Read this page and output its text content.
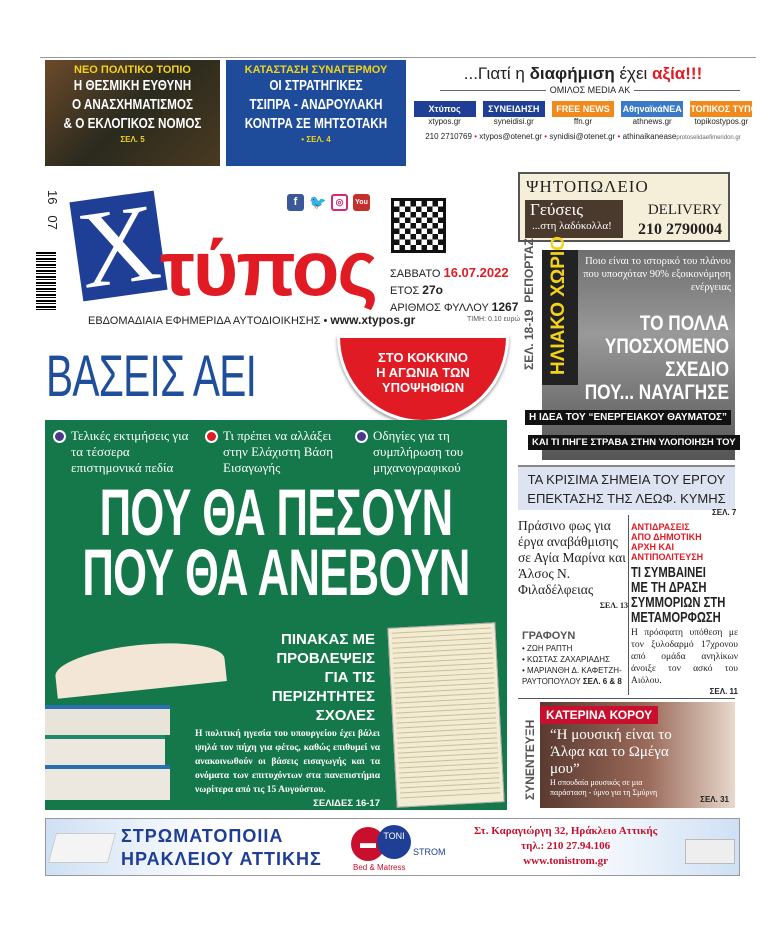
ΝΕΟ ΠΟΛΙΤΙΚΟ ΤΟΠΙΟ
Η ΘΕΣΜΙΚΗ ΕΥΘΥΝΗ
Ο ΑΝΑΣΧΗΜΑΤΙΣΜΟΣ
& Ο ΕΚΛΟΓΙΚΟΣ ΝΟΜΟΣ
ΣΕΛ. 5
ΚΑΤΑΣΤΑΣΗ ΣΥΝΑΓΕΡΜΟΥ
ΟΙ ΣΤΡΑΤΗΓΙΚΕΣ
ΤΣΙΠΡΑ - ΑΝΔΡΟΥΛΑΚΗ
ΚΟΝΤΡΑ ΣΕ ΜΗΤΣΟΤΑΚΗ
• ΣΕΛ. 4
...Γιατί η διαφήμιση έχει αξία!!!
ΟΜΙΛΟΣ MEDIA ΑΚ
Χτύπος
xtypos.gr
ΣΥΝΕΙΔΗΣΗ
syneidisi.gr
FREE NEWS
ffn.gr
ΑθηναϊκάΝΕΑ
athnews.gr
ΤΟΠΙΚΟΣ ΤΥΠΟΣ
topikostypos.gr
210 2710769 • xtypos@otenet.gr • synidisi@otenet.gr • athinaikaneaseprotoselidaefimeridon.gr
16   07 Χ
τύπος
f 🐦	◎	You
ΕΒΔΟΜΑΔΙΑΙΑ ΕΦΗΜΕΡΙΔΑ ΑΥΤΟΔΙΟΙΚΗΣΗΣ • www.xtypos.gr
ΣΑΒΒΑΤΟ 16.07.2022
ΕΤΟΣ 27ο
ΑΡΙΘΜΟΣ ΦΥΛΛΟΥ 1267
ΤΙΜΗ: 0.10 ευρώ
ΨΗΤΟΠΩΛΕΙΟ
Γεύσεις
...στη λαδόκολλα!
DELIVERY
210 2790004
ΣΕΛ. 18-19  ΡΕΠΟΡΤΑΖ ΗΛΙΑΚΟ ΧΩΡΙΟ Ποιο είναι το ιστορικό του πλάνου που υποσχόταν 90% εξοικονόμηση ενέργειας
ΤΟ ΠΟΛΛΑ
ΥΠΟΣΧΟΜΕΝΟ
ΣΧΕΔΙΟ
ΠΟΥ... ΝΑΥΑΓΗΣΕ
Η ΙΔΕΑ ΤΟΥ “ΕΝΕΡΓΕΙΑΚΟΥ ΘΑΥΜΑΤΟΣ”
ΚΑΙ ΤΙ ΠΗΓΕ ΣΤΡΑΒΑ ΣΤΗΝ ΥΛΟΠΟΙΗΣΗ ΤΟΥ
ΤΑ ΚΡΙΣΙΜΑ ΣΗΜΕΙΑ ΤΟΥ ΕΡΓΟΥ
ΕΠΕΚΤΑΣΗΣ ΤΗΣ ΛΕΩΦ. ΚΥΜΗΣ
ΒΑΣΕΙΣ ΑΕΙ	ΣΤΟ ΚΟΚΚΙΝΟ
Η ΑΓΩΝΙΑ ΤΩΝ
ΥΠΟΨΗΦΙΩΝ
Τελικές εκτιμήσεις για τα τέσσερα επιστημονικά πεδία
Τι πρέπει να αλλάξει στην Ελάχιστη Βάση Εισαγωγής
Οδηγίες για τη συμπλήρωση του μηχανογραφικού
ΠΟΥ ΘΑ ΠΕΣΟΥΝ
ΠΟΥ ΘΑ ΑΝΕΒΟΥΝ
ΠΙΝΑΚΑΣ ΜΕ
ΠΡΟΒΛΕΨΕΙΣ
ΓΙΑ ΤΙΣ
ΠΕΡΙΖΗΤΗΤΕΣ
ΣΧΟΛΕΣ
Η πολιτική ηγεσία του υπουργείου έχει βάλει ψηλά τον πήχη για φέτος, καθώς επιθυμεί να ανακοινωθούν οι βάσεις εισαγωγής και τα ονόματα των επιτυχόντων στα πανεπιστήμια νωρίτερα από τις 15 Αυγούστου.
ΣΕΛΙΔΕΣ 16-17
Πράσινο φως για έργα αναβάθμισης σε Αγία Μαρίνα και Άλσος Ν. Φιλαδέλφειας
ΣΕΛ. 13
ΓΡΑΦΟΥΝ
• ΖΩΗ ΡΑΠΤΗ
• ΚΩΣΤΑΣ ΖΑΧΑΡΙΑΔΗΣ
• ΜΑΡΙΑΝΘΗ Δ. ΚΑΦΕΤΖΗ-ΡΑΥΤΟΠΟΥΛΟΥ ΣΕΛ. 6 & 8
ΣΕΛ. 7
ΑΝΤΙΔΡΑΣΕΙΣ ΑΠΟ ΔΗΜΟΤΙΚΗ ΑΡΧΗ ΚΑΙ ΑΝΤΙΠΟΛΙΤΕΥΣΗ
ΤΙ ΣΥΜΒΑΙΝΕΙ
ΜΕ ΤΗ ΔΡΑΣΗ
ΣΥΜΜΟΡΙΩΝ ΣΤΗ
ΜΕΤΑΜΟΡΦΩΣΗ
Η πρόσφατη υπόθεση με τον ξυλοδαρμό 17χρονου από ομάδα ανηλίκων άνοιξε τον ασκό του Αιόλου.
ΣΕΛ. 11
ΣΥΝΕΝΤΕΥΞΗ
ΚΑΤΕΡΙΝΑ ΚΟΡΟΥ
“Η μουσική είναι το Άλφα και το Ωμέγα μου”
Η σπουδαία μουσικός σε μια παράσταση - ύμνο για τη Σμύρνη
ΣΕΛ. 31
ΣΤΡΩΜΑΤΟΠΟΙΙΑ
ΗΡΑΚΛΕΙΟΥ ΑΤΤΙΚΗΣ
▬ TONI
STROM
Bed & Matress
Στ. Καραγιώργη 32, Ηράκλειο Αττικής
τηλ.: 210 27.94.106
www.tonistrom.gr
